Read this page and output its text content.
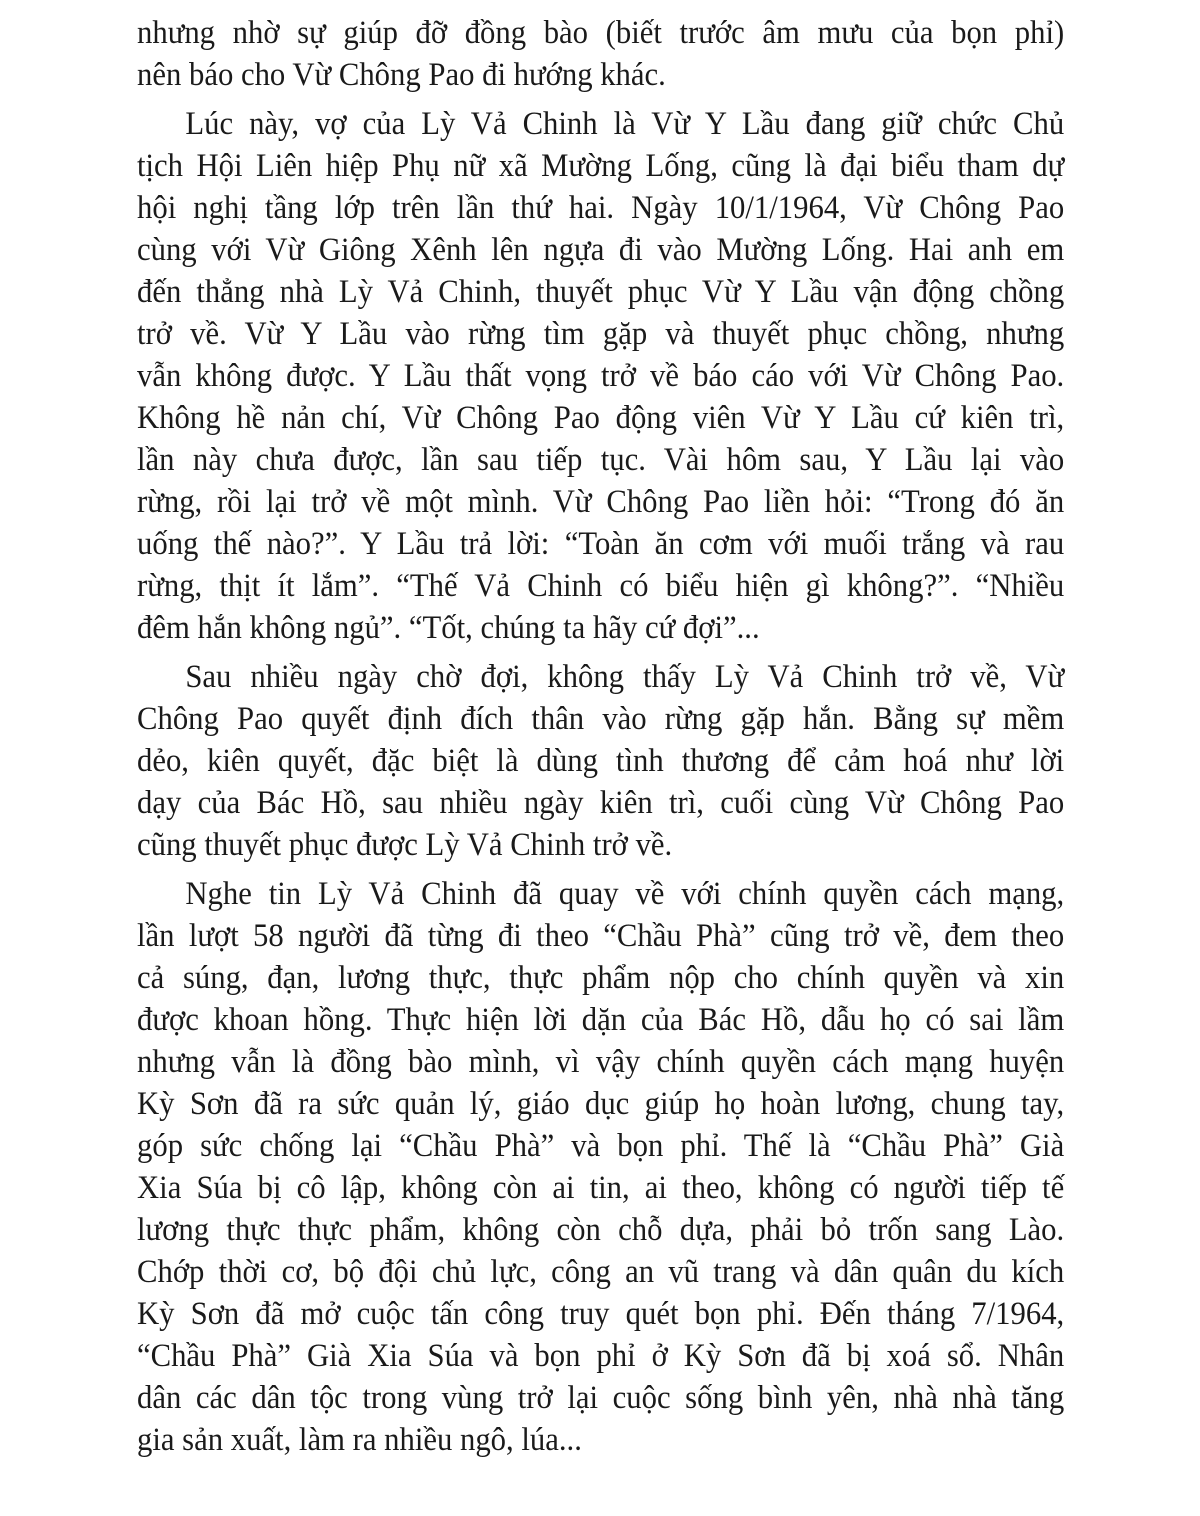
nhưng nhờ sự giúp đỡ đồng bào (biết trước âm mưu của bọn phỉ)
nên báo cho Vừ Chông Pao đi hướng khác.
Lúc này, vợ của Lỳ Vả Chinh là Vừ Y Lầu đang giữ chức Chủ
tịch Hội Liên hiệp Phụ nữ xã Mường Lống, cũng là đại biểu tham dự
hội nghị tầng lớp trên lần thứ hai. Ngày 10/1/1964, Vừ Chông Pao
cùng với Vừ Giông Xênh lên ngựa đi vào Mường Lống. Hai anh em
đến thẳng nhà Lỳ Vả Chinh, thuyết phục Vừ Y Lầu vận động chồng
trở về. Vừ Y Lầu vào rừng tìm gặp và thuyết phục chồng, nhưng
vẫn không được. Y Lầu thất vọng trở về báo cáo với Vừ Chông Pao.
Không hề nản chí, Vừ Chông Pao động viên Vừ Y Lầu cứ kiên trì,
lần này chưa được, lần sau tiếp tục. Vài hôm sau, Y Lầu lại vào
rừng, rồi lại trở về một mình. Vừ Chông Pao liền hỏi: “Trong đó ăn
uống thế nào?”. Y Lầu trả lời: “Toàn ăn cơm với muối trắng và rau
rừng, thịt ít lắm”. “Thế Vả Chinh có biểu hiện gì không?”. “Nhiều
đêm hắn không ngủ”. “Tốt, chúng ta hãy cứ đợi”...
Sau nhiều ngày chờ đợi, không thấy Lỳ Vả Chinh trở về, Vừ
Chông Pao quyết định đích thân vào rừng gặp hắn. Bằng sự mềm
dẻo, kiên quyết, đặc biệt là dùng tình thương để cảm hoá như lời
dạy của Bác Hồ, sau nhiều ngày kiên trì, cuối cùng Vừ Chông Pao
cũng thuyết phục được Lỳ Vả Chinh trở về.
Nghe tin Lỳ Vả Chinh đã quay về với chính quyền cách mạng,
lần lượt 58 người đã từng đi theo “Chầu Phà” cũng trở về, đem theo
cả súng, đạn, lương thực, thực phẩm nộp cho chính quyền và xin
được khoan hồng. Thực hiện lời dặn của Bác Hồ, dẫu họ có sai lầm
nhưng vẫn là đồng bào mình, vì vậy chính quyền cách mạng huyện
Kỳ Sơn đã ra sức quản lý, giáo dục giúp họ hoàn lương, chung tay,
góp sức chống lại “Chầu Phà” và bọn phỉ. Thế là “Chầu Phà” Già
Xia Súa bị cô lập, không còn ai tin, ai theo, không có người tiếp tế
lương thực thực phẩm, không còn chỗ dựa, phải bỏ trốn sang Lào.
Chớp thời cơ, bộ đội chủ lực, công an vũ trang và dân quân du kích
Kỳ Sơn đã mở cuộc tấn công truy quét bọn phỉ. Đến tháng 7/1964,
“Chầu Phà” Già Xia Súa và bọn phỉ ở Kỳ Sơn đã bị xoá sổ. Nhân
dân các dân tộc trong vùng trở lại cuộc sống bình yên, nhà nhà tăng
gia sản xuất, làm ra nhiều ngô, lúa...
